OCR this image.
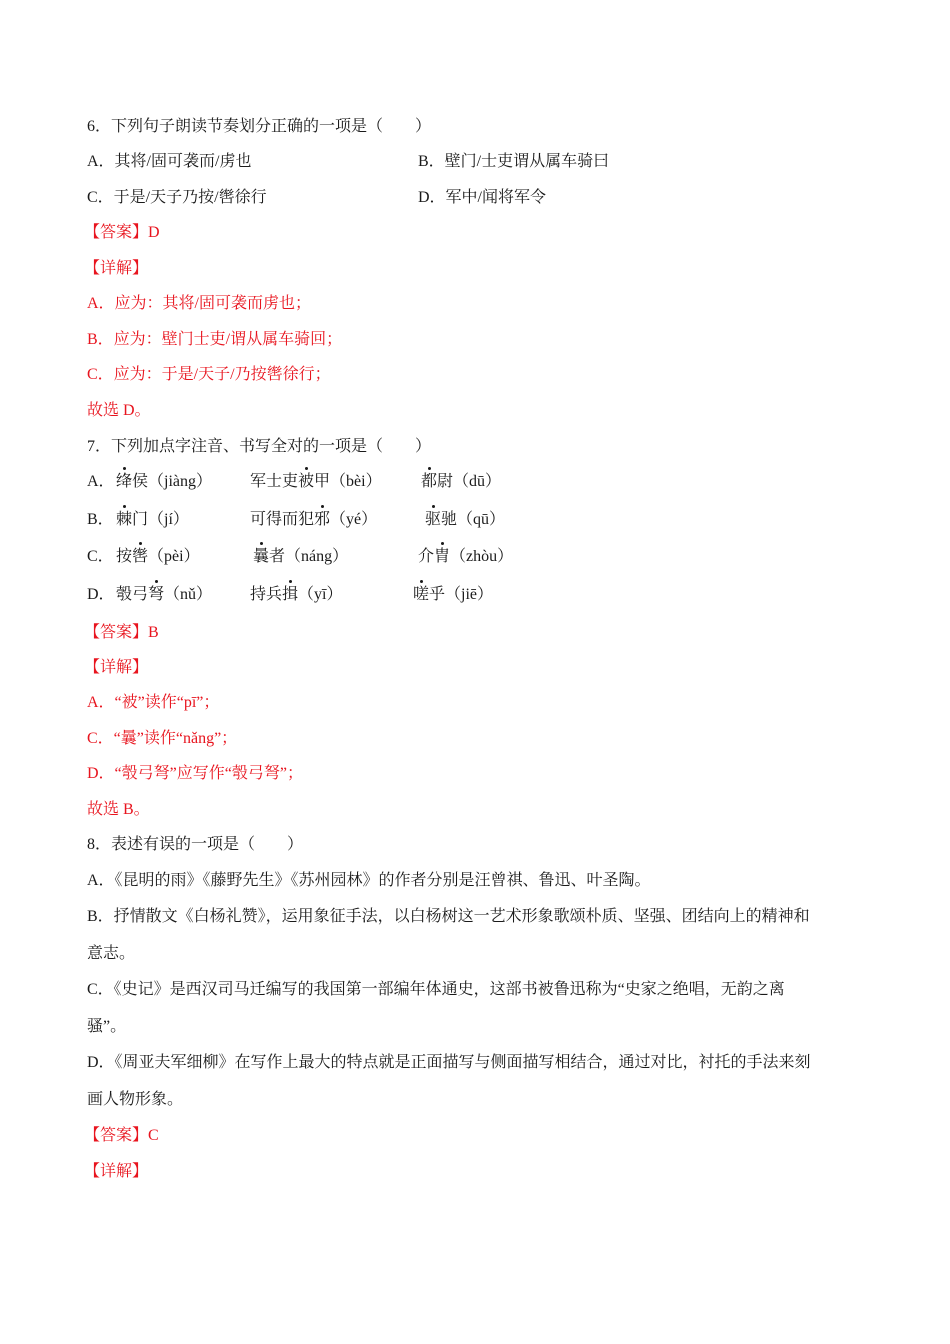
6．下列句子朗读节奏划分正确的一项是（　　）
A．其将/固可袭而/虏也	B．壁门/士吏谓从属车骑曰
C．于是/天子乃按/辔徐行	D．军中/闻将军令
【答案】D
【详解】
A．应为：其将/固可袭而虏也；
B．应为：壁门士吏/谓从属车骑回；
C．应为：于是/天子/乃按辔徐行；
故选 D。
7．下列加点字注音、书写全对的一项是（　　）
A． 绛侯（jiàng） 军士吏被甲（bèi） 都尉（dū）
B． 棘门（jí）	可得而犯邪（yé）	驱驰（qū）
C． 按辔（pèi）	曩者（náng）	介胄（zhòu）
D． 彀弓弩（nǔ） 持兵揖（yī）	嗟乎（jiē）
【答案】B
【详解】
A．“被”读作“pī”；
C．“曩”读作“nǎng”；
D．“彀弓弩”应写作“彀弓弩”；
故选 B。
8．表述有误的一项是（　　）
A．《昆明的雨》《藤野先生》《苏州园林》的作者分别是汪曾祺、鲁迅、叶圣陶。
B．抒情散文《白杨礼赞》，运用象征手法，以白杨树这一艺术形象歌颂朴质、坚强、团结向上的精神和
意志。
C．《史记》是西汉司马迁编写的我国第一部编年体通史，这部书被鲁迅称为“史家之绝唱，无韵之离
骚”。
D．《周亚夫军细柳》在写作上最大的特点就是正面描写与侧面描写相结合，通过对比，衬托的手法来刻
画人物形象。
【答案】C
【详解】
